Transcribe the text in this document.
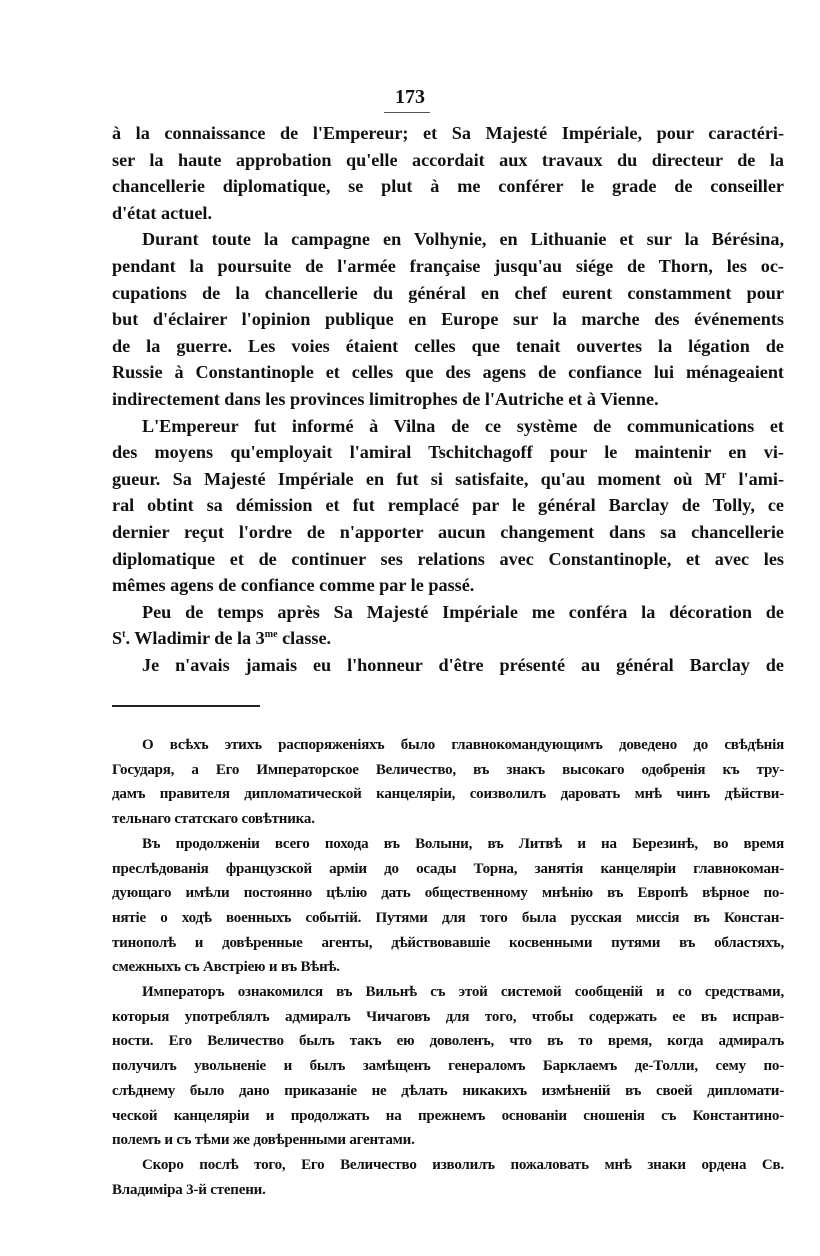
173
à la connaissance de l'Empereur; et Sa Majesté Impériale, pour caractéri-
ser la haute approbation qu'elle accordait aux travaux du directeur de la
chancellerie diplomatique, se plut à me conférer le grade de conseiller
d'état actuel.
Durant toute la campagne en Volhynie, en Lithuanie et sur la Bérésina,
pendant la poursuite de l'armée française jusqu'au siége de Thorn, les oc-
cupations de la chancellerie du général en chef eurent constamment pour
but d'éclairer l'opinion publique en Europe sur la marche des événements
de la guerre. Les voies étaient celles que tenait ouvertes la légation de
Russie à Constantinople et celles que des agens de confiance lui ménageaient
indirectement dans les provinces limitrophes de l'Autriche et à Vienne.
L'Empereur fut informé à Vilna de ce système de communications et
des moyens qu'employait l'amiral Tschitchagoff pour le maintenir en vi-
gueur. Sa Majesté Impériale en fut si satisfaite, qu'au moment où $M^r$ l'ami-
ral obtint sa démission et fut remplacé par le général Barclay de Tolly, ce
dernier reçut l'ordre de n'apporter aucun changement dans sa chancellerie
diplomatique et de continuer ses relations avec Constantinople, et avec les
mêmes agens de confiance comme par le passé.
Peu de temps après Sa Majesté Impériale me conféra la décoration de
$S^t$. Wladimir de la $3^{me}$ classe.
Je n'avais jamais eu l'honneur d'être présenté au général Barclay de
О всѣхъ этихъ распоряженіяхъ было главнокомандующимъ доведено до свѣдѣнія
Государя, а Его Императорское Величество, въ знакъ высокаго одобренія къ тру-
дамъ правителя дипломатической канцеляріи, соизволилъ даровать мнѣ чинъ дѣйстви-
тельнаго статскаго совѣтника.
Въ продолженіи всего похода въ Волыни, въ Литвѣ и на Березинѣ, во время
преслѣдованія французской арміи до осады Торна, занятія канцеляріи главнокоман-
дующаго имѣли постоянно цѣлію дать общественному мнѣнію въ Европѣ вѣрное по-
нятіе о ходѣ военныхъ событій. Путями для того была русская миссія въ Констан-
тинополѣ и довѣренные агенты, дѣйствовавшіе косвенными путями въ областяхъ,
смежныхъ съ Австріею и въ Вѣнѣ.
Императоръ ознакомился въ Вильнѣ съ этой системой сообщеній и со средствами,
которыя употреблялъ адмиралъ Чичаговъ для того, чтобы содержать ее въ исправ-
ности. Его Величество былъ такъ ею доволенъ, что въ то время, когда адмиралъ
получилъ увольненіе и былъ замѣщенъ генераломъ Барклаемъ де-Толли, сему по-
слѣднему было дано приказаніе не дѣлать никакихъ измѣненій въ своей дипломати-
ческой канцеляріи и продолжать на прежнемъ основаніи сношенія съ Константино-
полемъ и съ тѣми же довѣренными агентами.
Скоро послѣ того, Его Величество изволилъ пожаловать мнѣ знаки ордена Св.
Владиміра 3-й степени.
